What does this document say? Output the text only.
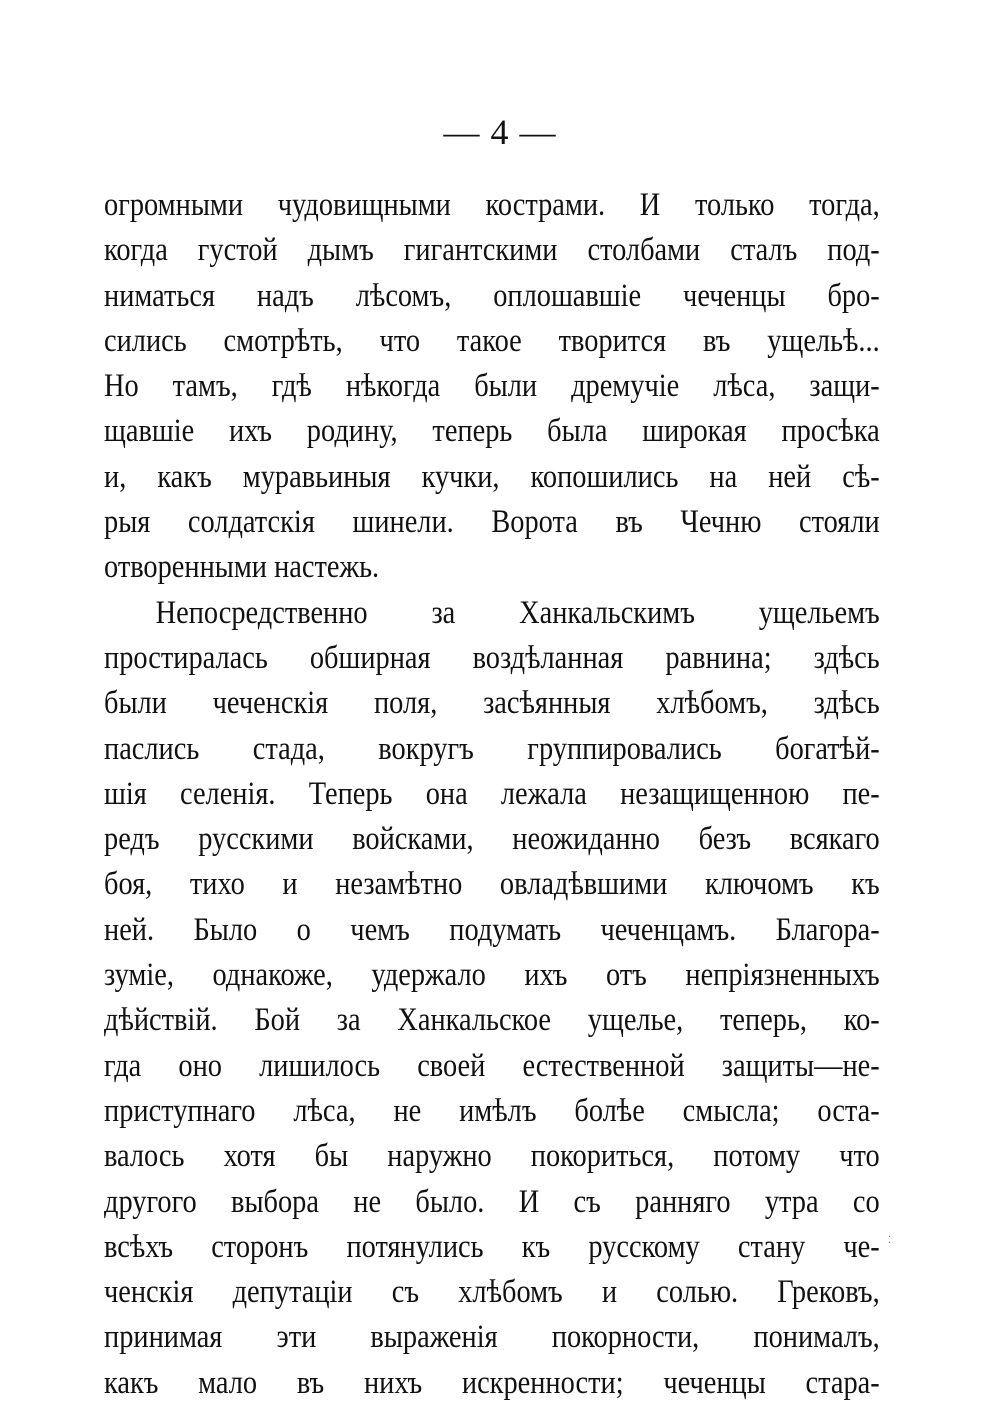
— 4 —
огромными чудовищными кострами. И только тогда,
когда густой дымъ гигантскими столбами сталъ под-
ниматься надъ лѣсомъ, оплошавшіе чеченцы бро-
сились смотрѣть, что такое творится въ ущельѣ...
Но тамъ, гдѣ нѣкогда были дремучіе лѣса, защи-
щавшіе ихъ родину, теперь была широкая просѣка
и, какъ муравьиныя кучки, копошились на ней сѣ-
рыя солдатскія шинели. Ворота въ Чечню стояли
отворенными настежь.
Непосредственно за Ханкальскимъ ущельемъ
простиралась обширная воздѣланная равнина; здѣсь
были чеченскія поля, засѣянныя хлѣбомъ, здѣсь
паслись стада, вокругъ группировались богатѣй-
шія селенія. Теперь она лежала незащищенною пе-
редъ русскими войсками, неожиданно безъ всякаго
боя, тихо и незамѣтно овладѣвшими ключомъ къ
ней. Было о чемъ подумать чеченцамъ. Благора-
зуміе, однакоже, удержало ихъ отъ непріязненныхъ
дѣйствій. Бой за Ханкальское ущелье, теперь, ко-
гда оно лишилось своей естественной защиты—не-
приступнаго лѣса, не имѣлъ болѣе смысла; оста-
валось хотя бы наружно покориться, потому что
другого выбора не было. И съ ранняго утра со
всѣхъ сторонъ потянулись къ русскому стану че-
ченскія депутаціи съ хлѣбомъ и солью. Грековъ,
принимая эти выраженія покорности, понималъ,
какъ мало въ нихъ искренности; чеченцы стара-
⁚
